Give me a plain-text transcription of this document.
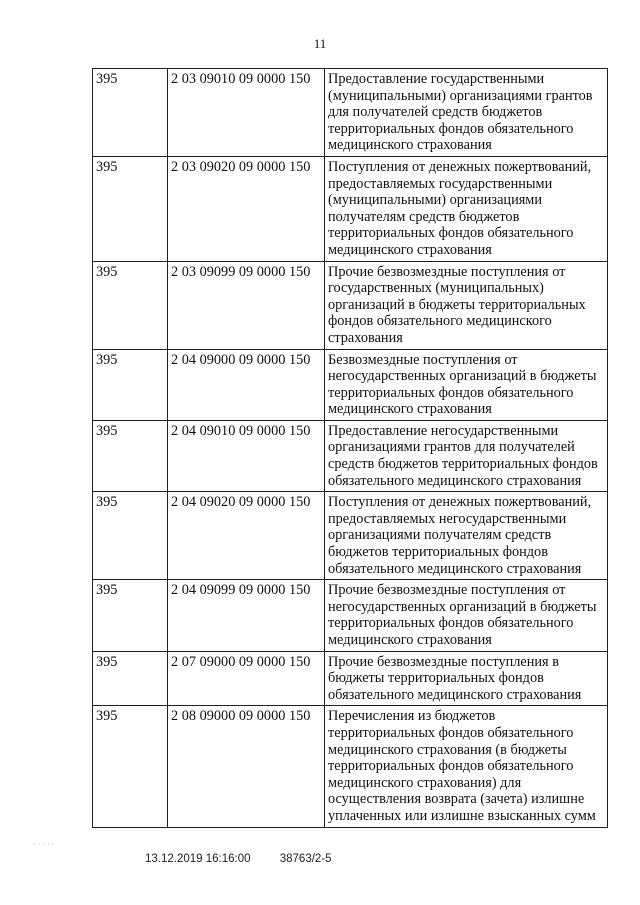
11
395	2 03 09010 09 0000 150	Предоставление государственными (муниципальными) организациями грантов для получателей средств бюджетов территориальных фондов обязательного медицинского страхования
395	2 03 09020 09 0000 150	Поступления от денежных пожертвований, предоставляемых государственными (муниципальными) организациями получателям средств бюджетов территориальных фондов обязательного медицинского страхования
395	2 03 09099 09 0000 150	Прочие безвозмездные поступления от государственных (муниципальных) организаций в бюджеты территориальных фондов обязательного медицинского страхования
395	2 04 09000 09 0000 150	Безвозмездные поступления от негосударственных организаций в бюджеты территориальных фондов обязательного медицинского страхования
395	2 04 09010 09 0000 150	Предоставление негосударственными организациями грантов для получателей средств бюджетов территориальных фондов обязательного медицинского страхования
395	2 04 09020 09 0000 150	Поступления от денежных пожертвований, предоставляемых негосударственными организациями получателям средств бюджетов территориальных фондов обязательного медицинского страхования
395	2 04 09099 09 0000 150	Прочие безвозмездные поступления от негосударственных организаций в бюджеты территориальных фондов обязательного медицинского страхования
395	2 07 09000 09 0000 150	Прочие безвозмездные поступления в бюджеты территориальных фондов обязательного медицинского страхования
395	2 08 09000 09 0000 150	Перечисления из бюджетов территориальных фондов обязательного медицинского страхования (в бюджеты территориальных фондов обязательного медицинского страхования) для осуществления возврата (зачета) излишне уплаченных или излишне взысканных сумм
· · · · ·
13.12.2019 16:16:00	38763/2-5
